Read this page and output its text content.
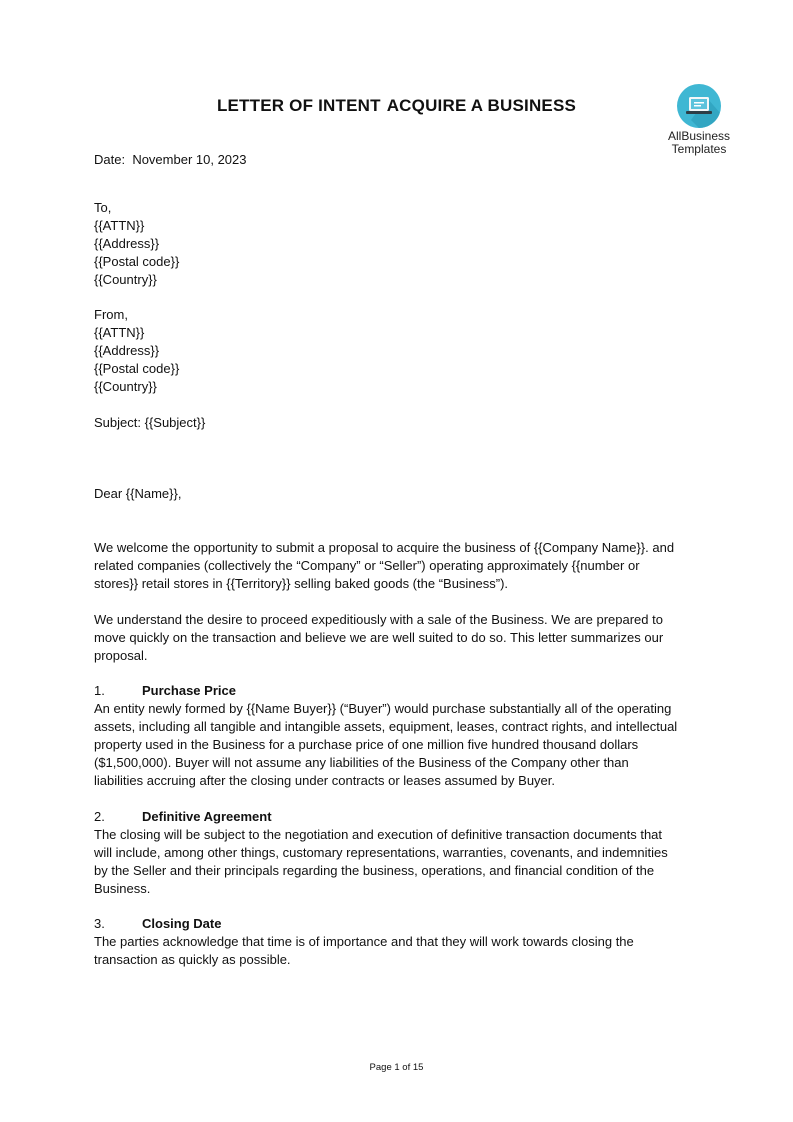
LETTER OF INTENT ACQUIRE A BUSINESS
AllBusiness
Templates
Date: November 10, 2023
To,
{{ATTN}}
{{Address}}
{{Postal code}}
{{Country}}
From,
{{ATTN}}
{{Address}}
{{Postal code}}
{{Country}}
Subject: {{Subject}}
Dear {{Name}},
We welcome the opportunity to submit a proposal to acquire the business of {{Company Name}}. and
related companies (collectively the “Company” or “Seller”) operating approximately {{number or
stores}} retail stores in {{Territory}} selling baked goods (the “Business”).
We understand the desire to proceed expeditiously with a sale of the Business. We are prepared to
move quickly on the transaction and believe we are well suited to do so. This letter summarizes our
proposal.
1.	Purchase Price
An entity newly formed by {{Name Buyer}} (“Buyer”) would purchase substantially all of the operating
assets, including all tangible and intangible assets, equipment, leases, contract rights, and intellectual
property used in the Business for a purchase price of one million five hundred thousand dollars
($1,500,000). Buyer will not assume any liabilities of the Business of the Company other than
liabilities accruing after the closing under contracts or leases assumed by Buyer.
2.	Definitive Agreement
The closing will be subject to the negotiation and execution of definitive transaction documents that
will include, among other things, customary representations, warranties, covenants, and indemnities
by the Seller and their principals regarding the business, operations, and financial condition of the
Business.
3.	Closing Date
The parties acknowledge that time is of importance and that they will work towards closing the
transaction as quickly as possible.
Page 1 of 15
